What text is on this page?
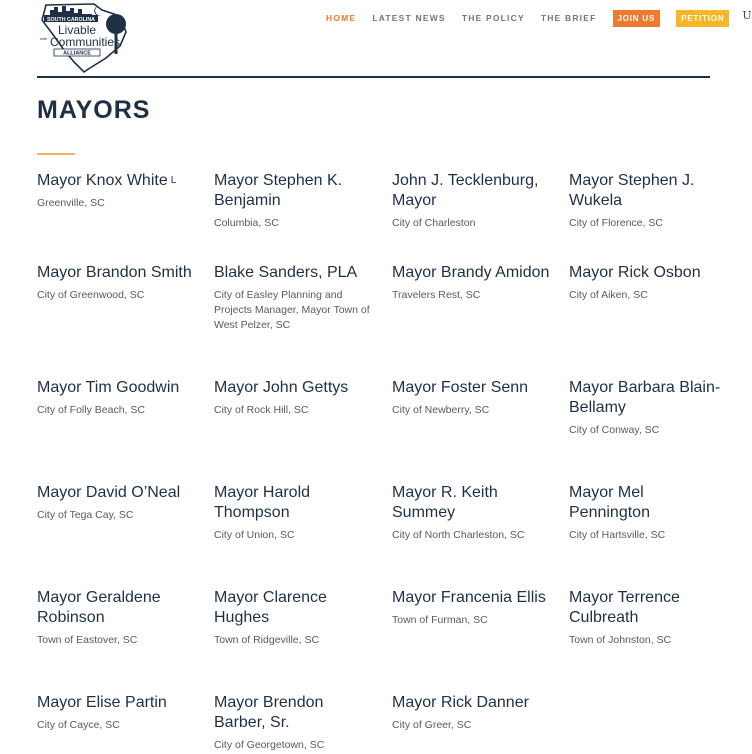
SOUTH CAROLINA
Livable
Communities
with
ALLIANCE
HOME LATEST NEWS THE POLICY THE BRIEF	JOIN US	PETITION	U
MAYORS
Mayor Knox White $^L$
Greenville, SC
Mayor Stephen K. Benjamin
Columbia, SC
John J. Tecklenburg, Mayor
City of Charleston
Mayor Stephen J. Wukela
City of Florence, SC
Mayor Brandon Smith
City of Greenwood, SC
Blake Sanders, PLA
City of Easley Planning and Projects Manager, Mayor Town of West Pelzer, SC
Mayor Brandy Amidon
Travelers Rest, SC
Mayor Rick Osbon
City of Aiken, SC
Mayor Tim Goodwin
City of Folly Beach, SC
Mayor John Gettys
City of Rock Hill, SC
Mayor Foster Senn
City of Newberry, SC
Mayor Barbara Blain-Bellamy
City of Conway, SC
Mayor David O’Neal
City of Tega Cay, SC
Mayor Harold Thompson
City of Union, SC
Mayor R. Keith Summey
City of North Charleston, SC
Mayor Mel Pennington
City of Hartsville, SC
Mayor Geraldene Robinson
Town of Eastover, SC
Mayor Clarence Hughes
Town of Ridgeville, SC
Mayor Francenia Ellis
Town of Furman, SC
Mayor Terrence Culbreath
Town of Johnston, SC
Mayor Elise Partin
City of Cayce, SC
Mayor Brendon Barber, Sr.
City of Georgetown, SC
Mayor Rick Danner
City of Greer, SC
